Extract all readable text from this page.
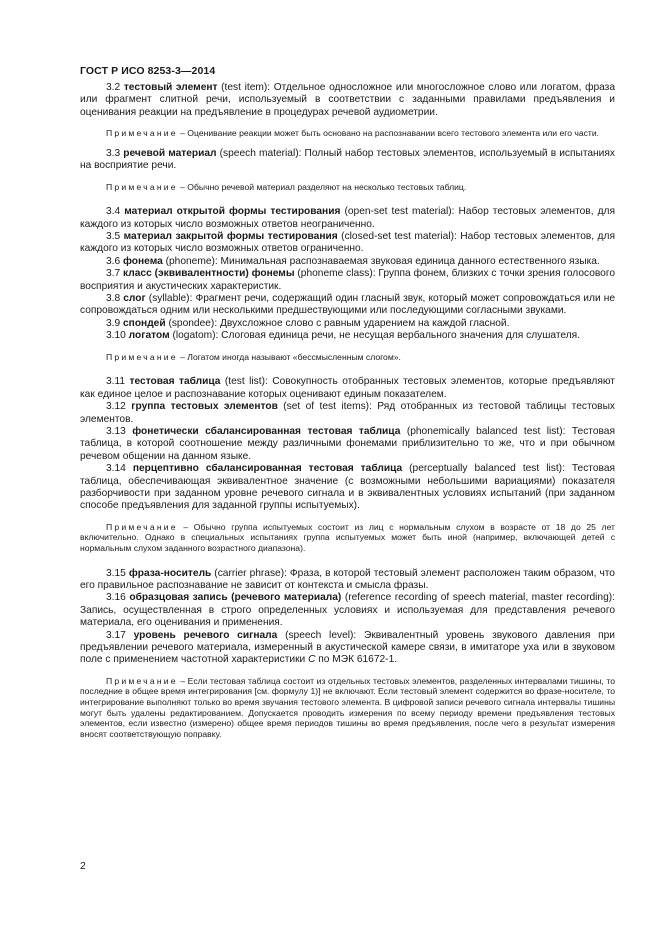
ГОСТ Р ИСО 8253-3—2014

3.2 тестовый элемент (test item): Отдельное односложное или многосложное слово или логатом, фраза или фрагмент слитной речи, используемый в соответствии с заданными правилами предъявления и оценивания реакции на предъявление в процедурах речевой аудиометрии.

Примечание – Оценивание реакции может быть основано на распознавании всего тестового элемента или его части.

3.3 речевой материал (speech material): Полный набор тестовых элементов, используемый в испытаниях на восприятие речи.

Примечание – Обычно речевой материал разделяют на несколько тестовых таблиц.

3.4 материал открытой формы тестирования (open-set test material): Набор тестовых элементов, для каждого из которых число возможных ответов неограниченно.

3.5 материал закрытой формы тестирования (closed-set test material): Набор тестовых элементов, для каждого из которых число возможных ответов ограниченно.

3.6 фонема (phoneme): Минимальная распознаваемая звуковая единица данного естественного языка.

3.7 класс (эквивалентности) фонемы (phoneme class): Группа фонем, близких с точки зрения голосового восприятия и акустических характеристик.

3.8 слог (syllable): Фрагмент речи, содержащий один гласный звук, который может сопровождаться или не сопровождаться одним или несколькими предшествующими или последующими согласными звуками.

3.9 спондей (spondee): Двухсложное слово с равным ударением на каждой гласной.

3.10 логатом (logatom): Слоговая единица речи, не несущая вербального значения для слушателя.

Примечание – Логатом иногда называют «бессмысленным слогом».

3.11 тестовая таблица (test list): Совокупность отобранных тестовых элементов, которые предъявляют как единое целое и распознавание которых оценивают единым показателем.

3.12 группа тестовых элементов (set of test items): Ряд отобранных из тестовой таблицы тестовых элементов.

3.13 фонетически сбалансированная тестовая таблица (phonemically balanced test list): Тестовая таблица, в которой соотношение между различными фонемами приблизительно то же, что и при обычном речевом общении на данном языке.

3.14 перцептивно сбалансированная тестовая таблица (perceptually balanced test list): Тестовая таблица, обеспечивающая эквивалентное значение (с возможными небольшими вариациями) показателя разборчивости при заданном уровне речевого сигнала и в эквивалентных условиях испытаний (при заданном способе предъявления для заданной группы испытуемых).

Примечание – Обычно группа испытуемых состоит из лиц с нормальным слухом в возрасте от 18 до 25 лет включительно. Однако в специальных испытаниях группа испытуемых может быть иной (например, включающей детей с нормальным слухом заданного возрастного диапазона).

3.15 фраза-носитель (carrier phrase): Фраза, в которой тестовый элемент расположен таким образом, что его правильное распознавание не зависит от контекста и смысла фразы.

3.16 образцовая запись (речевого материала) (reference recording of speech material, master recording): Запись, осуществленная в строго определенных условиях и используемая для представления речевого материала, его оценивания и применения.

3.17 уровень речевого сигнала (speech level): Эквивалентный уровень звукового давления при предъявлении речевого материала, измеренный в акустической камере связи, в имитаторе уха или в звуковом поле с применением частотной характеристики C по МЭК 61672-1.

Примечание – Если тестовая таблица состоит из отдельных тестовых элементов, разделенных интервалами тишины, то последние в общее время интегрирования [см. формулу 1)] не включают. Если тестовый элемент содержится во фразе-носителе, то интегрирование выполняют только во время звучания тестового элемента. В цифровой записи речевого сигнала интервалы тишины могут быть удалены редактированием. Допускается проводить измерения по всему периоду времени предъявления тестовых элементов, если известно (измерено) общее время периодов тишины во время предъявления, после чего в результат измерения вносят соответствующую поправку.

2
